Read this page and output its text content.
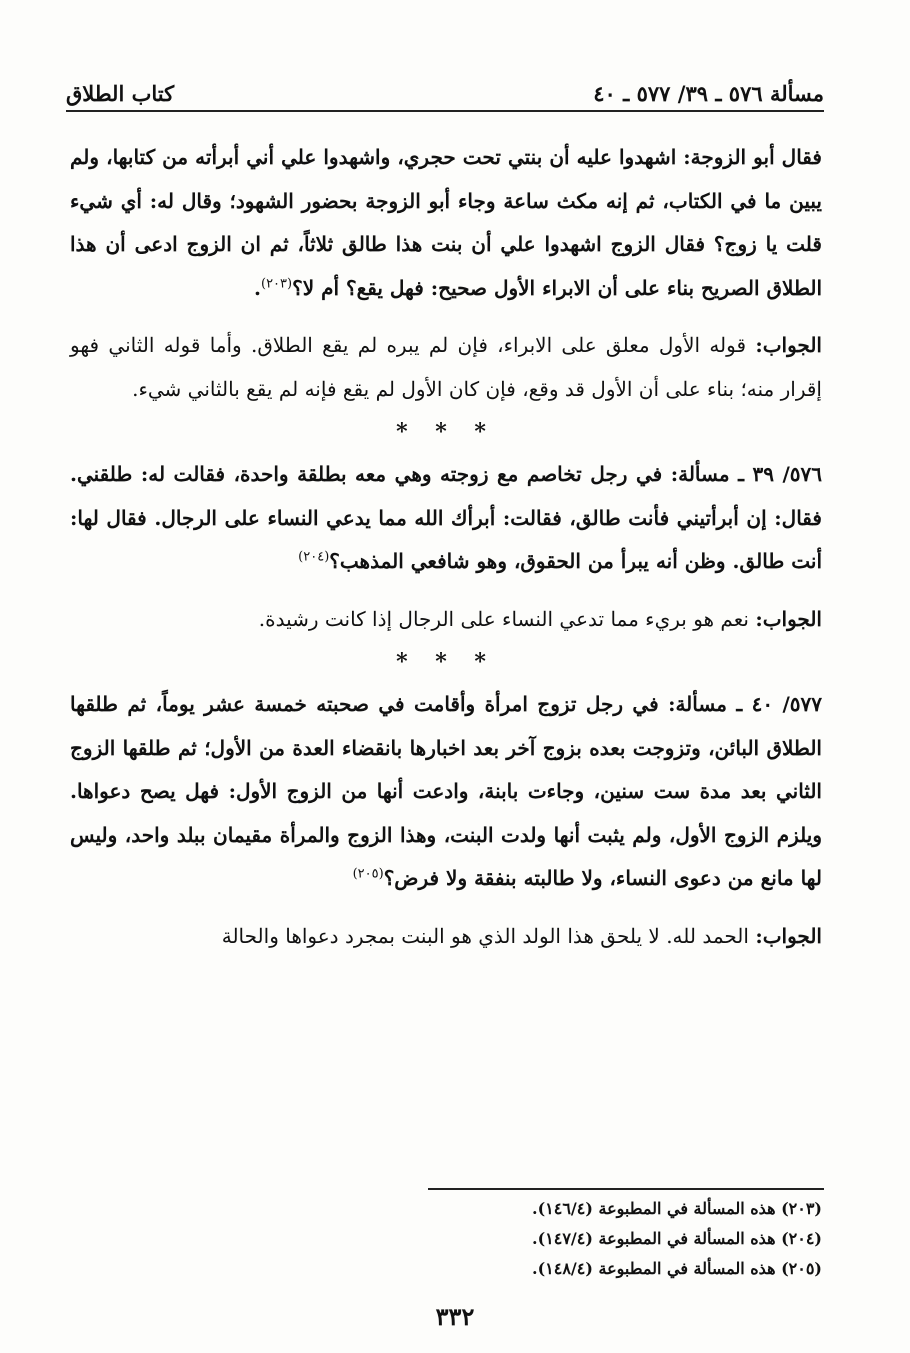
مسألة ٥٧٦ ـ ٣٩/ ٥٧٧ ـ ٤٠
كتاب الطلاق

فقال أبو الزوجة: اشهدوا عليه أن بنتي تحت حجري، واشهدوا علي أني أبرأته من كتابها، ولم يبين ما في الكتاب، ثم إنه مكث ساعة وجاء أبو الزوجة بحضور الشهود؛ وقال له: أي شيء قلت يا زوج؟ فقال الزوج اشهدوا علي أن بنت هذا طالق ثلاثاً، ثم ان الزوج ادعى أن هذا الطلاق الصريح بناء على أن الابراء الأول صحيح: فهل يقع؟ أم لا؟$^{(٢٠٣)}$.

الجواب: قوله الأول معلق على الابراء، فإن لم يبره لم يقع الطلاق. وأما قوله الثاني فهو إقرار منه؛ بناء على أن الأول قد وقع، فإن كان الأول لم يقع فإنه لم يقع بالثاني شيء.

* * *

٥٧٦/ ٣٩ ـ مسألة: في رجل تخاصم مع زوجته وهي معه بطلقة واحدة، فقالت له: طلقني. فقال: إن أبرأتيني فأنت طالق، فقالت: أبرأك الله مما يدعي النساء على الرجال. فقال لها: أنت طالق. وظن أنه يبرأ من الحقوق، وهو شافعي المذهب؟$^{(٢٠٤)}$

الجواب: نعم هو بريء مما تدعي النساء على الرجال إذا كانت رشيدة.

* * *

٥٧٧/ ٤٠ ـ مسألة: في رجل تزوج امرأة وأقامت في صحبته خمسة عشر يوماً، ثم طلقها الطلاق البائن، وتزوجت بعده بزوج آخر بعد اخبارها بانقضاء العدة من الأول؛ ثم طلقها الزوج الثاني بعد مدة ست سنين، وجاءت بابنة، وادعت أنها من الزوج الأول: فهل يصح دعواها. ويلزم الزوج الأول، ولم يثبت أنها ولدت البنت، وهذا الزوج والمرأة مقيمان ببلد واحد، وليس لها مانع من دعوى النساء، ولا طالبته بنفقة ولا فرض؟$^{(٢٠٥)}$

الجواب: الحمد لله. لا يلحق هذا الولد الذي هو البنت بمجرد دعواها والحالة

(٢٠٣) هذه المسألة في المطبوعة (١٤٦/٤).
(٢٠٤) هذه المسألة في المطبوعة (١٤٧/٤).
(٢٠٥) هذه المسألة في المطبوعة (١٤٨/٤).
٣٣٢
